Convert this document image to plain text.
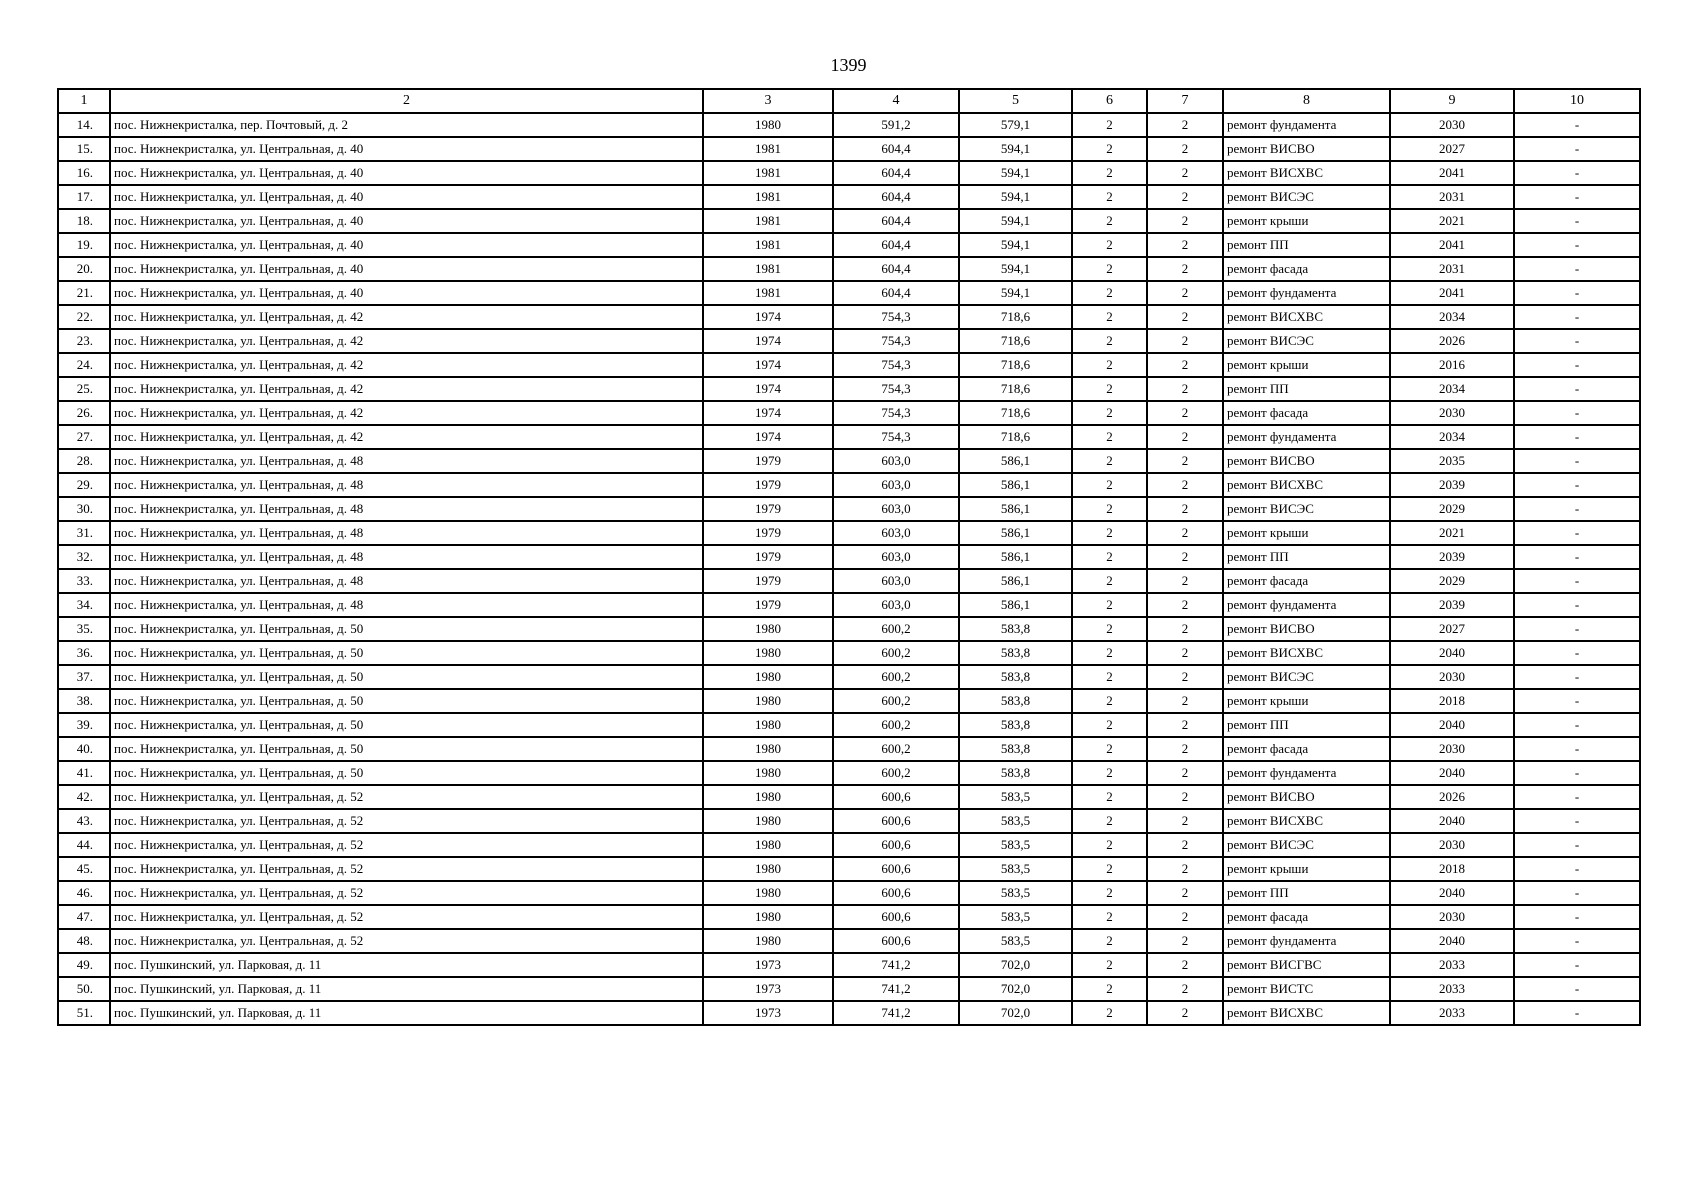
1399
1	2	3	4	5	6	7	8	9	10
14.	пос. Нижнекристалка, пер. Почтовый, д. 2	1980	591,2	579,1	2	2	ремонт фундамента	2030	-
15.	пос. Нижнекристалка, ул. Центральная, д. 40	1981	604,4	594,1	2	2	ремонт ВИСВО	2027	-
16.	пос. Нижнекристалка, ул. Центральная, д. 40	1981	604,4	594,1	2	2	ремонт ВИСХВС	2041	-
17.	пос. Нижнекристалка, ул. Центральная, д. 40	1981	604,4	594,1	2	2	ремонт ВИСЭС	2031	-
18.	пос. Нижнекристалка, ул. Центральная, д. 40	1981	604,4	594,1	2	2	ремонт крыши	2021	-
19.	пос. Нижнекристалка, ул. Центральная, д. 40	1981	604,4	594,1	2	2	ремонт ПП	2041	-
20.	пос. Нижнекристалка, ул. Центральная, д. 40	1981	604,4	594,1	2	2	ремонт фасада	2031	-
21.	пос. Нижнекристалка, ул. Центральная, д. 40	1981	604,4	594,1	2	2	ремонт фундамента	2041	-
22.	пос. Нижнекристалка, ул. Центральная, д. 42	1974	754,3	718,6	2	2	ремонт ВИСХВС	2034	-
23.	пос. Нижнекристалка, ул. Центральная, д. 42	1974	754,3	718,6	2	2	ремонт ВИСЭС	2026	-
24.	пос. Нижнекристалка, ул. Центральная, д. 42	1974	754,3	718,6	2	2	ремонт крыши	2016	-
25.	пос. Нижнекристалка, ул. Центральная, д. 42	1974	754,3	718,6	2	2	ремонт ПП	2034	-
26.	пос. Нижнекристалка, ул. Центральная, д. 42	1974	754,3	718,6	2	2	ремонт фасада	2030	-
27.	пос. Нижнекристалка, ул. Центральная, д. 42	1974	754,3	718,6	2	2	ремонт фундамента	2034	-
28.	пос. Нижнекристалка, ул. Центральная, д. 48	1979	603,0	586,1	2	2	ремонт ВИСВО	2035	-
29.	пос. Нижнекристалка, ул. Центральная, д. 48	1979	603,0	586,1	2	2	ремонт ВИСХВС	2039	-
30.	пос. Нижнекристалка, ул. Центральная, д. 48	1979	603,0	586,1	2	2	ремонт ВИСЭС	2029	-
31.	пос. Нижнекристалка, ул. Центральная, д. 48	1979	603,0	586,1	2	2	ремонт крыши	2021	-
32.	пос. Нижнекристалка, ул. Центральная, д. 48	1979	603,0	586,1	2	2	ремонт ПП	2039	-
33.	пос. Нижнекристалка, ул. Центральная, д. 48	1979	603,0	586,1	2	2	ремонт фасада	2029	-
34.	пос. Нижнекристалка, ул. Центральная, д. 48	1979	603,0	586,1	2	2	ремонт фундамента	2039	-
35.	пос. Нижнекристалка, ул. Центральная, д. 50	1980	600,2	583,8	2	2	ремонт ВИСВО	2027	-
36.	пос. Нижнекристалка, ул. Центральная, д. 50	1980	600,2	583,8	2	2	ремонт ВИСХВС	2040	-
37.	пос. Нижнекристалка, ул. Центральная, д. 50	1980	600,2	583,8	2	2	ремонт ВИСЭС	2030	-
38.	пос. Нижнекристалка, ул. Центральная, д. 50	1980	600,2	583,8	2	2	ремонт крыши	2018	-
39.	пос. Нижнекристалка, ул. Центральная, д. 50	1980	600,2	583,8	2	2	ремонт ПП	2040	-
40.	пос. Нижнекристалка, ул. Центральная, д. 50	1980	600,2	583,8	2	2	ремонт фасада	2030	-
41.	пос. Нижнекристалка, ул. Центральная, д. 50	1980	600,2	583,8	2	2	ремонт фундамента	2040	-
42.	пос. Нижнекристалка, ул. Центральная, д. 52	1980	600,6	583,5	2	2	ремонт ВИСВО	2026	-
43.	пос. Нижнекристалка, ул. Центральная, д. 52	1980	600,6	583,5	2	2	ремонт ВИСХВС	2040	-
44.	пос. Нижнекристалка, ул. Центральная, д. 52	1980	600,6	583,5	2	2	ремонт ВИСЭС	2030	-
45.	пос. Нижнекристалка, ул. Центральная, д. 52	1980	600,6	583,5	2	2	ремонт крыши	2018	-
46.	пос. Нижнекристалка, ул. Центральная, д. 52	1980	600,6	583,5	2	2	ремонт ПП	2040	-
47.	пос. Нижнекристалка, ул. Центральная, д. 52	1980	600,6	583,5	2	2	ремонт фасада	2030	-
48.	пос. Нижнекристалка, ул. Центральная, д. 52	1980	600,6	583,5	2	2	ремонт фундамента	2040	-
49.	пос. Пушкинский, ул. Парковая, д. 11	1973	741,2	702,0	2	2	ремонт ВИСГВС	2033	-
50.	пос. Пушкинский, ул. Парковая, д. 11	1973	741,2	702,0	2	2	ремонт ВИСТС	2033	-
51.	пос. Пушкинский, ул. Парковая, д. 11	1973	741,2	702,0	2	2	ремонт ВИСХВС	2033	-
